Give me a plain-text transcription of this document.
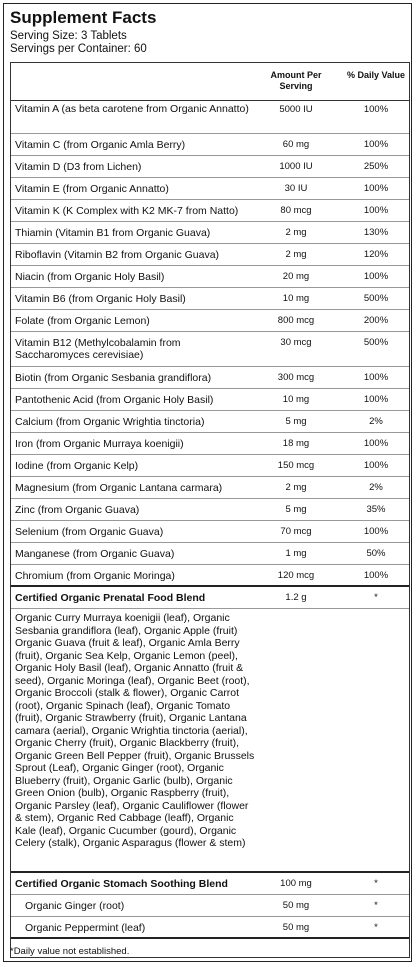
Supplement Facts
Serving Size: 3 Tablets
Servings per Container: 60
Amount Per Serving
% Daily Value
Vitamin A (as beta carotene from Organic Annatto)	5000 IU	100%
Vitamin C (from Organic Amla Berry)	60 mg	100%
Vitamin D (D3 from Lichen)	1000 IU	250%
Vitamin E (from Organic Annatto)	30 IU	100%
Vitamin K (K Complex with K2 MK-7 from Natto)	80 mcg	100%
Thiamin (Vitamin B1 from Organic Guava)	2 mg	130%
Riboflavin (Vitamin B2 from Organic Guava)	2 mg	120%
Niacin (from Organic Holy Basil)	20 mg	100%
Vitamin B6 (from Organic Holy Basil)	10 mg	500%
Folate (from Organic Lemon)	800 mcg	200%
Vitamin B12 (Methylcobalamin from Saccharomyces cerevisiae)
30 mcg	500%
Biotin (from Organic Sesbania grandiflora)	300 mcg	100%
Pantothenic Acid (from Organic Holy Basil)	10 mg	100%
Calcium (from Organic Wrightia tinctoria)	5 mg	2%
Iron (from Organic Murraya koenigii)	18 mg	100%
Iodine (from Organic Kelp)	150 mcg	100%
Magnesium (from Organic Lantana carmara)	2 mg	2%
Zinc (from Organic Guava)	5 mg	35%
Selenium (from Organic Guava)	70 mcg	100%
Manganese (from Organic Guava)	1 mg	50%
Chromium (from Organic Moringa)	120 mcg	100%
Certified Organic Prenatal Food Blend	1.2 g	*
Organic Curry Murraya koenigii (leaf), Organic Sesbania grandiflora (leaf), Organic Apple (fruit) Organic Guava (fruit & leaf), Organic Amla Berry (fruit), Organic Sea Kelp, Organic Lemon (peel), Organic Holy Basil (leaf), Organic Annatto (fruit & seed), Organic Moringa (leaf), Organic Beet (root), Organic Broccoli (stalk & flower), Organic Carrot (root), Organic Spinach (leaf), Organic Tomato (fruit), Organic Strawberry (fruit), Organic Lantana camara (aerial), Organic Wrightia tinctoria (aerial), Organic Cherry (fruit), Organic Blackberry (fruit), Organic Green Bell Pepper (fruit), Organic Brussels Sprout (Leaf), Organic Ginger (root), Organic Blueberry (fruit), Organic Garlic (bulb), Organic Green Onion (bulb), Organic Raspberry (fruit), Organic Parsley (leaf), Organic Cauliflower (flower & stem), Organic Red Cabbage (leaff), Organic Kale (leaf), Organic Cucumber (gourd), Organic Celery (stalk), Organic Asparagus (flower & stem)
Certified Organic Stomach Soothing Blend	100 mg	*
Organic Ginger (root)	50 mg	*
Organic Peppermint (leaf)	50 mg	*
*Daily value not established.
